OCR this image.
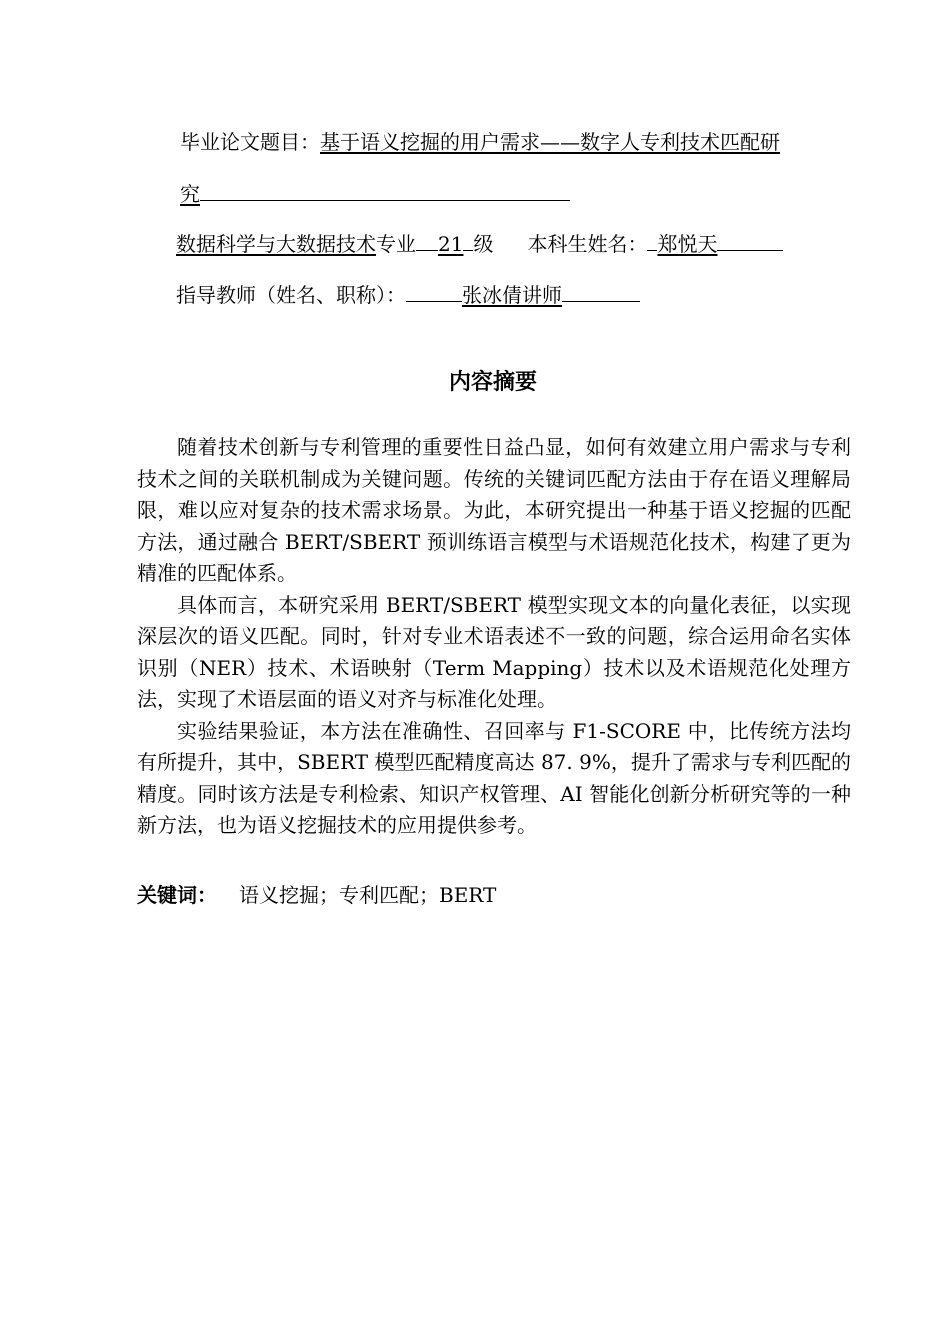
毕业论文题目：基于语义挖掘的用户需求——数字人专利技术匹配研
究
数据科学与大数据技术专业 21 级 本科生姓名： 郑悦天
指导教师（姓名、职称）：	张冰倩讲师
内容摘要

随着技术创新与专利管理的重要性日益凸显，如何有效建立用户需求与专利技术之间的关联机制成为关键问题。传统的关键词匹配方法由于存在语义理解局限，难以应对复杂的技术需求场景。为此，本研究提出一种基于语义挖掘的匹配方法，通过融合 BERT/SBERT 预训练语言模型与术语规范化技术，构建了更为精准的匹配体系。

具体而言，本研究采用 BERT/SBERT 模型实现文本的向量化表征，以实现深层次的语义匹配。同时，针对专业术语表述不一致的问题，综合运用命名实体识别（NER）技术、术语映射（Term Mapping）技术以及术语规范化处理方法，实现了术语层面的语义对齐与标准化处理。

实验结果验证，本方法在准确性、召回率与 F1-SCORE 中，比传统方法均有所提升，其中，SBERT 模型匹配精度高达 87. 9%，提升了需求与专利匹配的精度。同时该方法是专利检索、知识产权管理、AI 智能化创新分析研究等的一种新方法，也为语义挖掘技术的应用提供参考。

关键词： 语义挖掘；专利匹配；BERT
